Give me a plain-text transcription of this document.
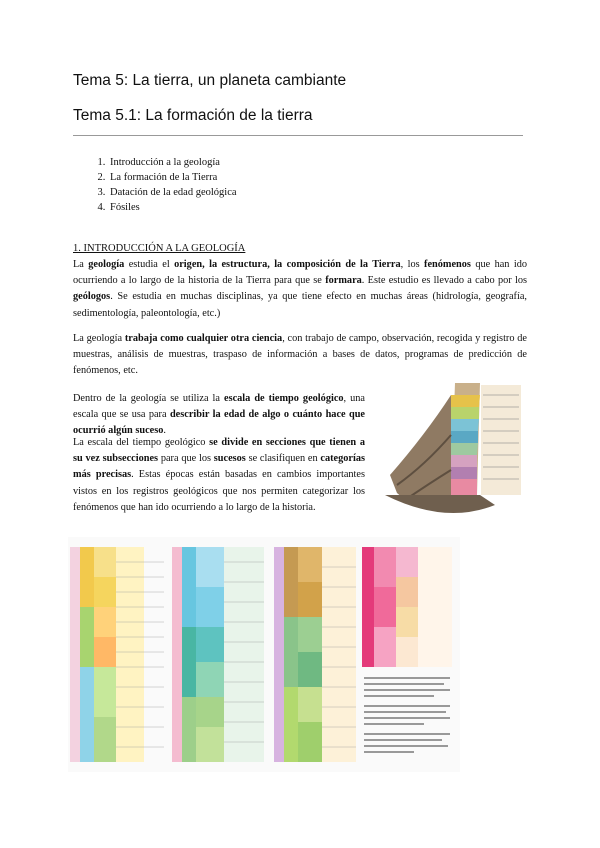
Tema 5: La tierra, un planeta cambiante
Tema 5.1: La formación de la tierra
1. Introducción a la geología
2. La formación de la Tierra
3. Datación de la edad geológica
4. Fósiles
1. INTRODUCCIÓN A LA GEOLOGÍA

La geología estudia el origen, la estructura, la composición de la Tierra, los fenómenos que han ido ocurriendo a lo largo de la historia de la Tierra para que se formara. Este estudio es llevado a cabo por los geólogos. Se estudia en muchas disciplinas, ya que tiene efecto en muchas áreas (hidrología, geografía, sedimentología, paleontología, etc.)

La geología trabaja como cualquier otra ciencia, con trabajo de campo, observación, recogida y registro de muestras, análisis de muestras, traspaso de información a bases de datos, programas de predicción de fenómenos, etc.

Dentro de la geología se utiliza la escala de tiempo geológico, una escala que se usa para describir la edad de algo o cuánto hace que ocurrió algún suceso.

La escala del tiempo geológico se divide en secciones que tienen a su vez subsecciones para que los sucesos se clasifiquen en categorías más precisas. Estas épocas están basadas en cambios importantes vistos en los registros geológicos que nos permiten categorizar los fenómenos que han ido ocurriendo a lo largo de la historia.
